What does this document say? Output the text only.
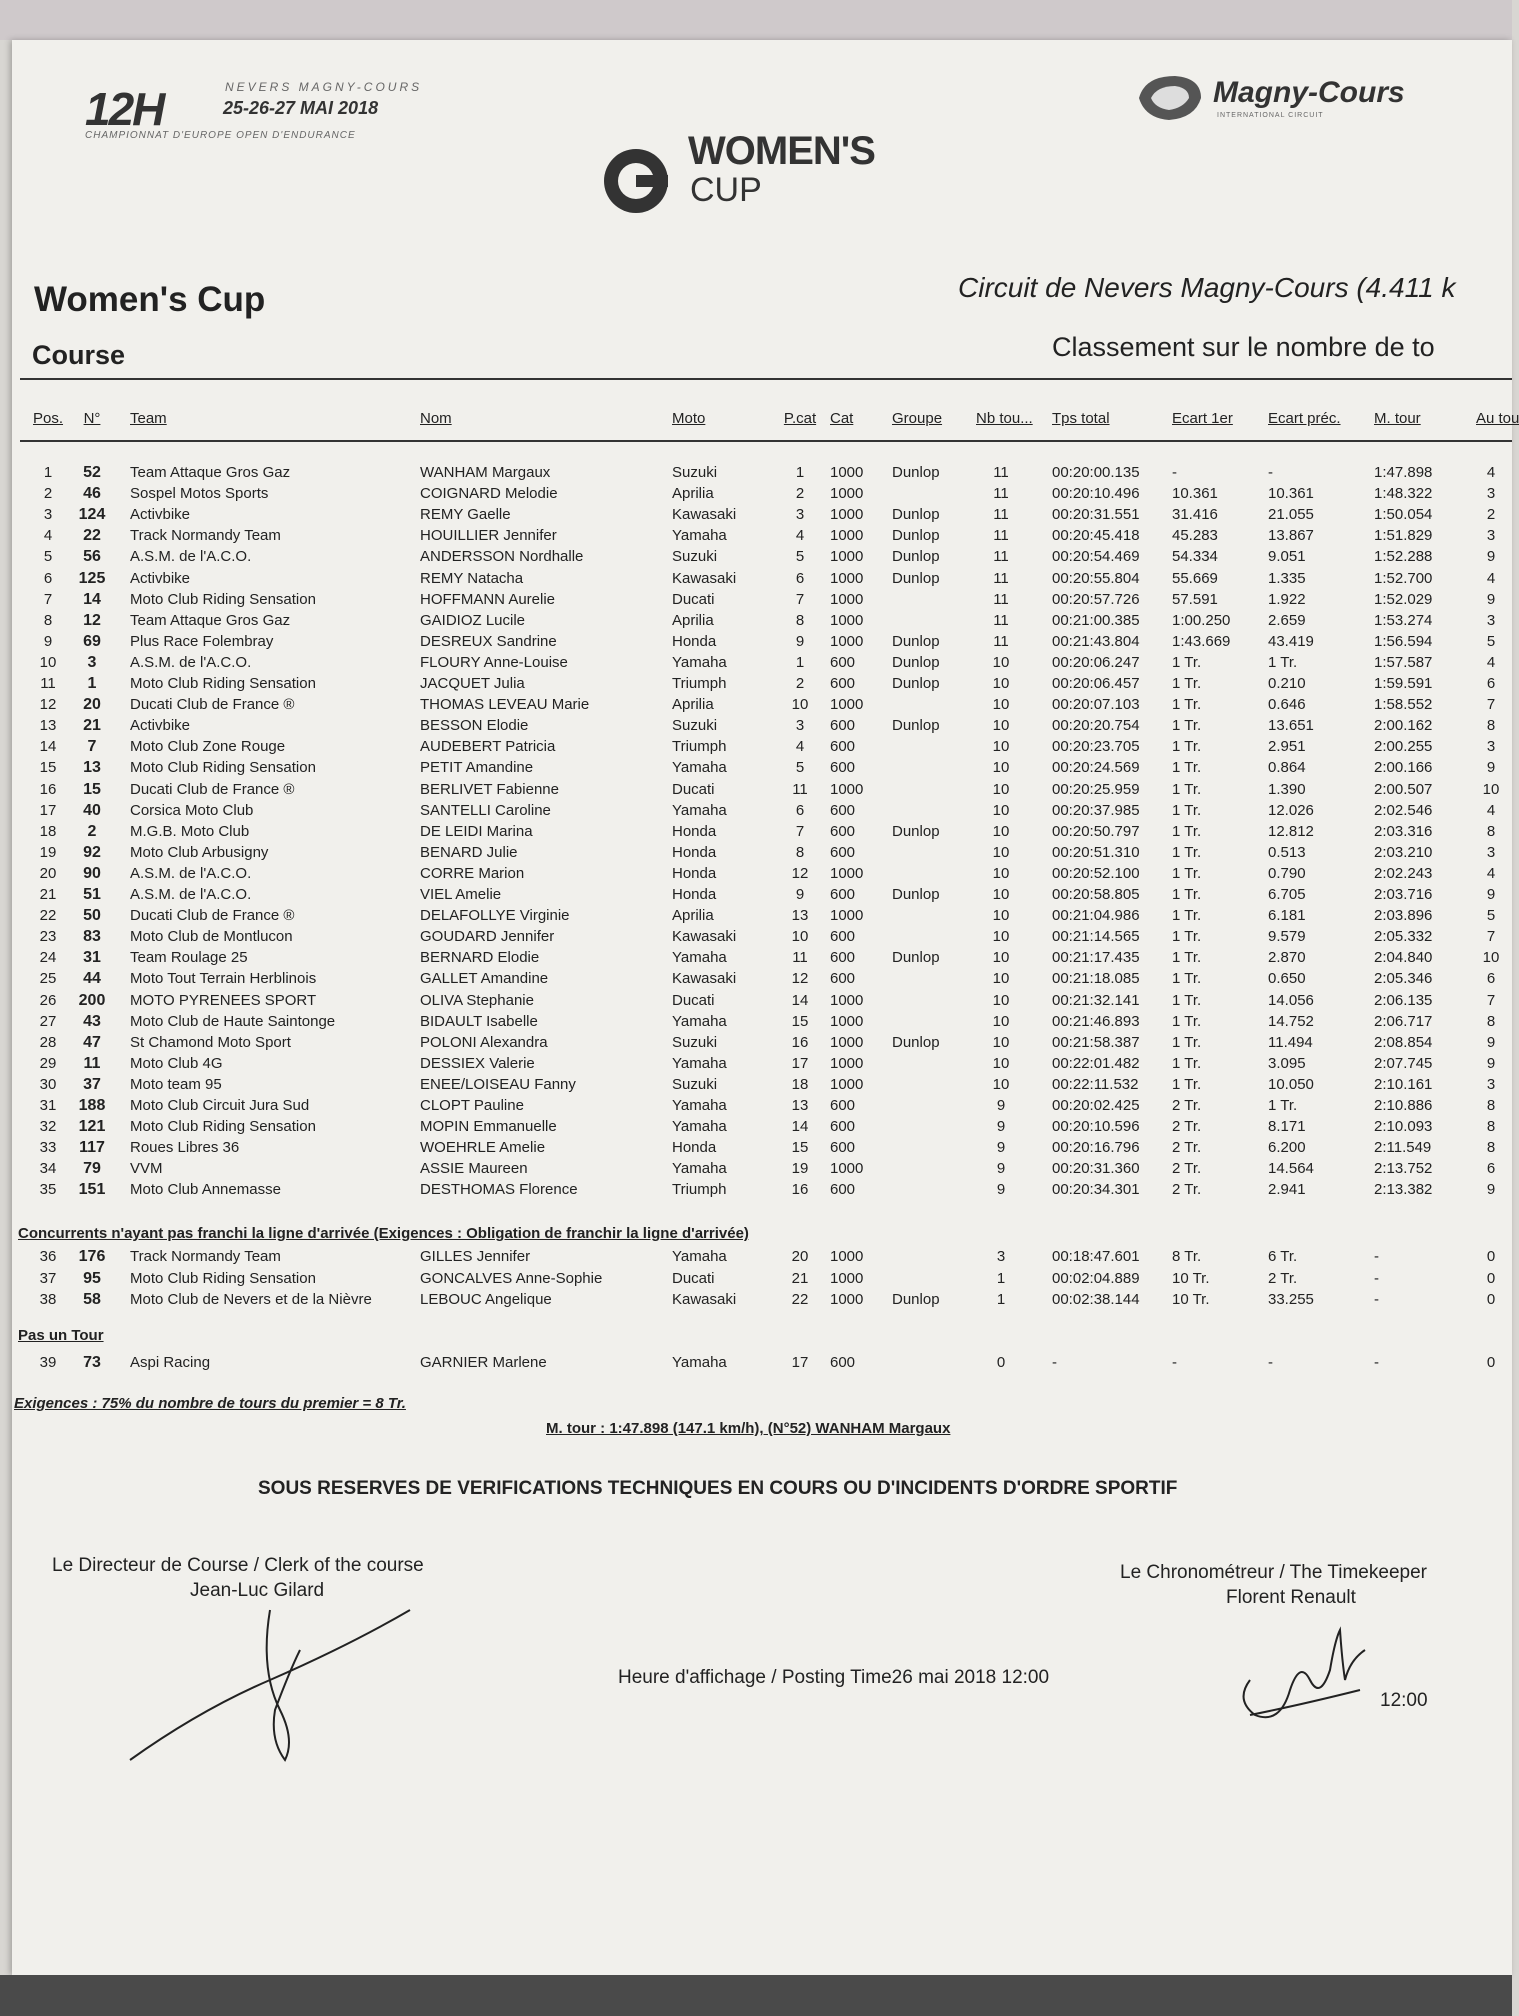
12H	NEVERS MAGNY-COURS
25-26-27 MAI 2018
CHAMPIONNAT D'EUROPE OPEN D'ENDURANCE
Magny-Cours
INTERNATIONAL CIRCUIT
WOMEN'S
CUP
Women's Cup
Course
Circuit de Nevers Magny-Cours (4.411 k
Classement sur le nombre de to
Pos.	N°	Team	Nom	Moto	P.cat Cat	Groupe Nb tou... Tps total	Ecart 1er Ecart préc. M. tour	Au tou
1	52	Team Attaque Gros Gaz	WANHAM Margaux	Suzuki	1	1000 Dunlop	11	00:20:00.135 -	-	1:47.898	4
2	46	Sospel Motos Sports	COIGNARD Melodie	Aprilia	2	1000	11	00:20:10.496 10.361	10.361	1:48.322	3
3	124	Activbike	REMY Gaelle	Kawasaki	3	1000 Dunlop	11	00:20:31.551 31.416	21.055	1:50.054	2
4	22	Track Normandy Team	HOUILLIER Jennifer	Yamaha	4	1000 Dunlop	11	00:20:45.418 45.283	13.867	1:51.829	3
5	56	A.S.M. de l'A.C.O.	ANDERSSON Nordhalle	Suzuki	5	1000 Dunlop	11	00:20:54.469 54.334	9.051	1:52.288	9
6	125	Activbike	REMY Natacha	Kawasaki	6	1000 Dunlop	11	00:20:55.804 55.669	1.335	1:52.700	4
7	14	Moto Club Riding Sensation	HOFFMANN Aurelie	Ducati	7	1000	11	00:20:57.726 57.591	1.922	1:52.029	9
8	12	Team Attaque Gros Gaz	GAIDIOZ Lucile	Aprilia	8	1000	11	00:21:00.385 1:00.250	2.659	1:53.274	3
9	69	Plus Race Folembray	DESREUX Sandrine	Honda	9	1000 Dunlop	11	00:21:43.804 1:43.669	43.419	1:56.594	5
10	3	A.S.M. de l'A.C.O.	FLOURY Anne-Louise	Yamaha	1	600 Dunlop	10	00:20:06.247 1 Tr.	1 Tr.	1:57.587	4
11	1	Moto Club Riding Sensation	JACQUET Julia	Triumph	2	600 Dunlop	10	00:20:06.457 1 Tr.	0.210	1:59.591	6
12	20	Ducati Club de France ®	THOMAS LEVEAU Marie	Aprilia	10	1000	10	00:20:07.103 1 Tr.	0.646	1:58.552	7
13	21	Activbike	BESSON Elodie	Suzuki	3	600 Dunlop	10	00:20:20.754 1 Tr.	13.651	2:00.162	8
14	7	Moto Club Zone Rouge	AUDEBERT Patricia	Triumph	4	600	10	00:20:23.705 1 Tr.	2.951	2:00.255	3
15	13	Moto Club Riding Sensation	PETIT Amandine	Yamaha	5	600	10	00:20:24.569 1 Tr.	0.864	2:00.166	9
16	15	Ducati Club de France ®	BERLIVET Fabienne	Ducati	11	1000	10	00:20:25.959 1 Tr.	1.390	2:00.507	10
17	40	Corsica Moto Club	SANTELLI Caroline	Yamaha	6	600	10	00:20:37.985 1 Tr.	12.026	2:02.546	4
18	2	M.G.B. Moto Club	DE LEIDI Marina	Honda	7	600 Dunlop	10	00:20:50.797 1 Tr.	12.812	2:03.316	8
19	92	Moto Club Arbusigny	BENARD Julie	Honda	8	600	10	00:20:51.310 1 Tr.	0.513	2:03.210	3
20	90	A.S.M. de l'A.C.O.	CORRE Marion	Honda	12	1000	10	00:20:52.100 1 Tr.	0.790	2:02.243	4
21	51	A.S.M. de l'A.C.O.	VIEL Amelie	Honda	9	600 Dunlop	10	00:20:58.805 1 Tr.	6.705	2:03.716	9
22	50	Ducati Club de France ®	DELAFOLLYE Virginie	Aprilia	13	1000	10	00:21:04.986 1 Tr.	6.181	2:03.896	5
23	83	Moto Club de Montlucon	GOUDARD Jennifer	Kawasaki	10	600	10	00:21:14.565 1 Tr.	9.579	2:05.332	7
24	31	Team Roulage 25	BERNARD Elodie	Yamaha	11	600 Dunlop	10	00:21:17.435 1 Tr.	2.870	2:04.840	10
25	44	Moto Tout Terrain Herblinois	GALLET Amandine	Kawasaki	12	600	10	00:21:18.085 1 Tr.	0.650	2:05.346	6
26	200	MOTO PYRENEES SPORT	OLIVA Stephanie	Ducati	14	1000	10	00:21:32.141 1 Tr.	14.056	2:06.135	7
27	43	Moto Club de Haute Saintonge	BIDAULT Isabelle	Yamaha	15	1000	10	00:21:46.893 1 Tr.	14.752	2:06.717	8
28	47	St Chamond Moto Sport	POLONI Alexandra	Suzuki	16	1000 Dunlop	10	00:21:58.387 1 Tr.	11.494	2:08.854	9
29	11	Moto Club 4G	DESSIEX Valerie	Yamaha	17	1000	10	00:22:01.482 1 Tr.	3.095	2:07.745	9
30	37	Moto team 95	ENEE/LOISEAU Fanny	Suzuki	18	1000	10	00:22:11.532 1 Tr.	10.050	2:10.161	3
31	188	Moto Club Circuit Jura Sud	CLOPT Pauline	Yamaha	13	600	9	00:20:02.425 2 Tr.	1 Tr.	2:10.886	8
32	121	Moto Club Riding Sensation	MOPIN Emmanuelle	Yamaha	14	600	9	00:20:10.596 2 Tr.	8.171	2:10.093	8
33	117	Roues Libres 36	WOEHRLE Amelie	Honda	15	600	9	00:20:16.796 2 Tr.	6.200	2:11.549	8
34	79	VVM	ASSIE Maureen	Yamaha	19	1000	9	00:20:31.360 2 Tr.	14.564	2:13.752	6
35	151	Moto Club Annemasse	DESTHOMAS Florence	Triumph	16	600	9	00:20:34.301 2 Tr.	2.941	2:13.382	9
36	176	Track Normandy Team	GILLES Jennifer	Yamaha	20	1000	3	00:18:47.601 8 Tr.	6 Tr.	-	0
37	95	Moto Club Riding Sensation	GONCALVES Anne-Sophie	Ducati	21	1000	1	00:02:04.889 10 Tr.	2 Tr.	-	0
38	58	Moto Club de Nevers et de la Nièvre	LEBOUC Angelique	Kawasaki	22	1000 Dunlop	1	00:02:38.144 10 Tr.	33.255	-	0
39	73	Aspi Racing	GARNIER Marlene	Yamaha	17	600	0	-	-	-	-	0
Concurrents n'ayant pas franchi la ligne d'arrivée (Exigences : Obligation de franchir la ligne d'arrivée)
Pas un Tour
Exigences : 75% du nombre de tours du premier = 8 Tr.
M. tour : 1:47.898 (147.1 km/h), (N°52) WANHAM Margaux
SOUS RESERVES DE VERIFICATIONS TECHNIQUES EN COURS OU D'INCIDENTS D'ORDRE SPORTIF
Le Directeur de Course / Clerk of the course
Jean-Luc Gilard
Le Chronométreur / The Timekeeper
Florent Renault
Heure d'affichage / Posting Time26 mai 2018 12:00
12:00
